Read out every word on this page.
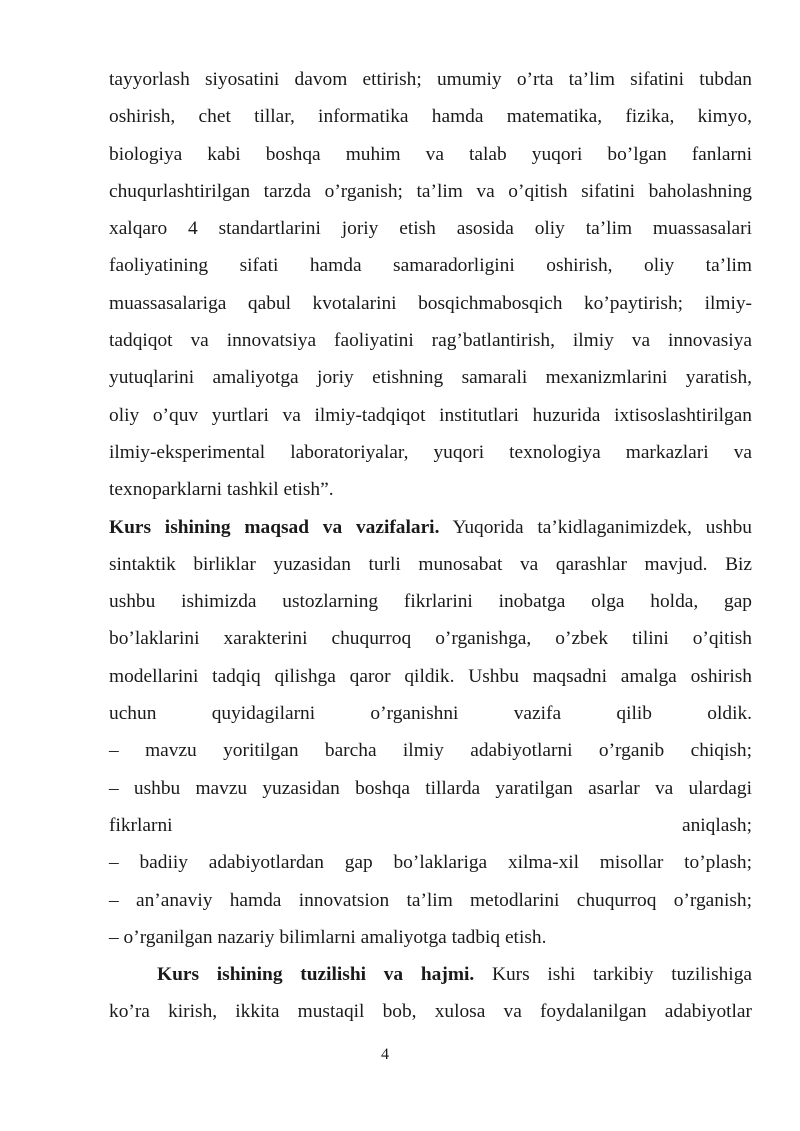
tayyorlash siyosatini davom ettirish; umumiy o’rta ta’lim sifatini tubdan
oshirish, chet tillar, informatika hamda matematika, fizika, kimyo,
biologiya kabi boshqa muhim va talab yuqori bo’lgan fanlarni
chuqurlashtirilgan tarzda o’rganish; ta’lim va o’qitish sifatini baholashning
xalqaro 4 standartlarini joriy etish asosida oliy ta’lim muassasalari
faoliyatining sifati hamda samaradorligini oshirish, oliy ta’lim
muassasalariga qabul kvotalarini bosqichmabosqich ko’paytirish; ilmiy-
tadqiqot va innovatsiya faoliyatini rag’batlantirish, ilmiy va innovasiya
yutuqlarini amaliyotga joriy etishning samarali mexanizmlarini yaratish,
oliy o’quv yurtlari va ilmiy-tadqiqot institutlari huzurida ixtisoslashtirilgan
ilmiy-eksperimental laboratoriyalar, yuqori texnologiya markazlari va
texnoparklarni tashkil etish”.
Kurs ishining maqsad va vazifalari. Yuqorida ta’kidlaganimizdek, ushbu
sintaktik birliklar yuzasidan turli munosabat va qarashlar mavjud. Biz
ushbu ishimizda ustozlarning fikrlarini inobatga olga holda, gap
bo’laklarini xarakterini chuqurroq o’rganishga, o’zbek tilini o’qitish
modellarini tadqiq qilishga qaror qildik. Ushbu maqsadni amalga oshirish
uchun quyidagilarni o’rganishni vazifa qilib oldik.
– mavzu yoritilgan barcha ilmiy adabiyotlarni o’rganib chiqish;
– ushbu mavzu yuzasidan boshqa tillarda yaratilgan asarlar va ulardagi
fikrlarni aniqlash;
– badiiy adabiyotlardan gap bo’laklariga xilma-xil misollar to’plash;
– an’anaviy hamda innovatsion ta’lim metodlarini chuqurroq o’rganish;
– o’rganilgan nazariy bilimlarni amaliyotga tadbiq etish.
Kurs ishining tuzilishi va hajmi. Kurs ishi tarkibiy tuzilishiga
ko’ra kirish, ikkita mustaqil bob, xulosa va foydalanilgan adabiyotlar
4
